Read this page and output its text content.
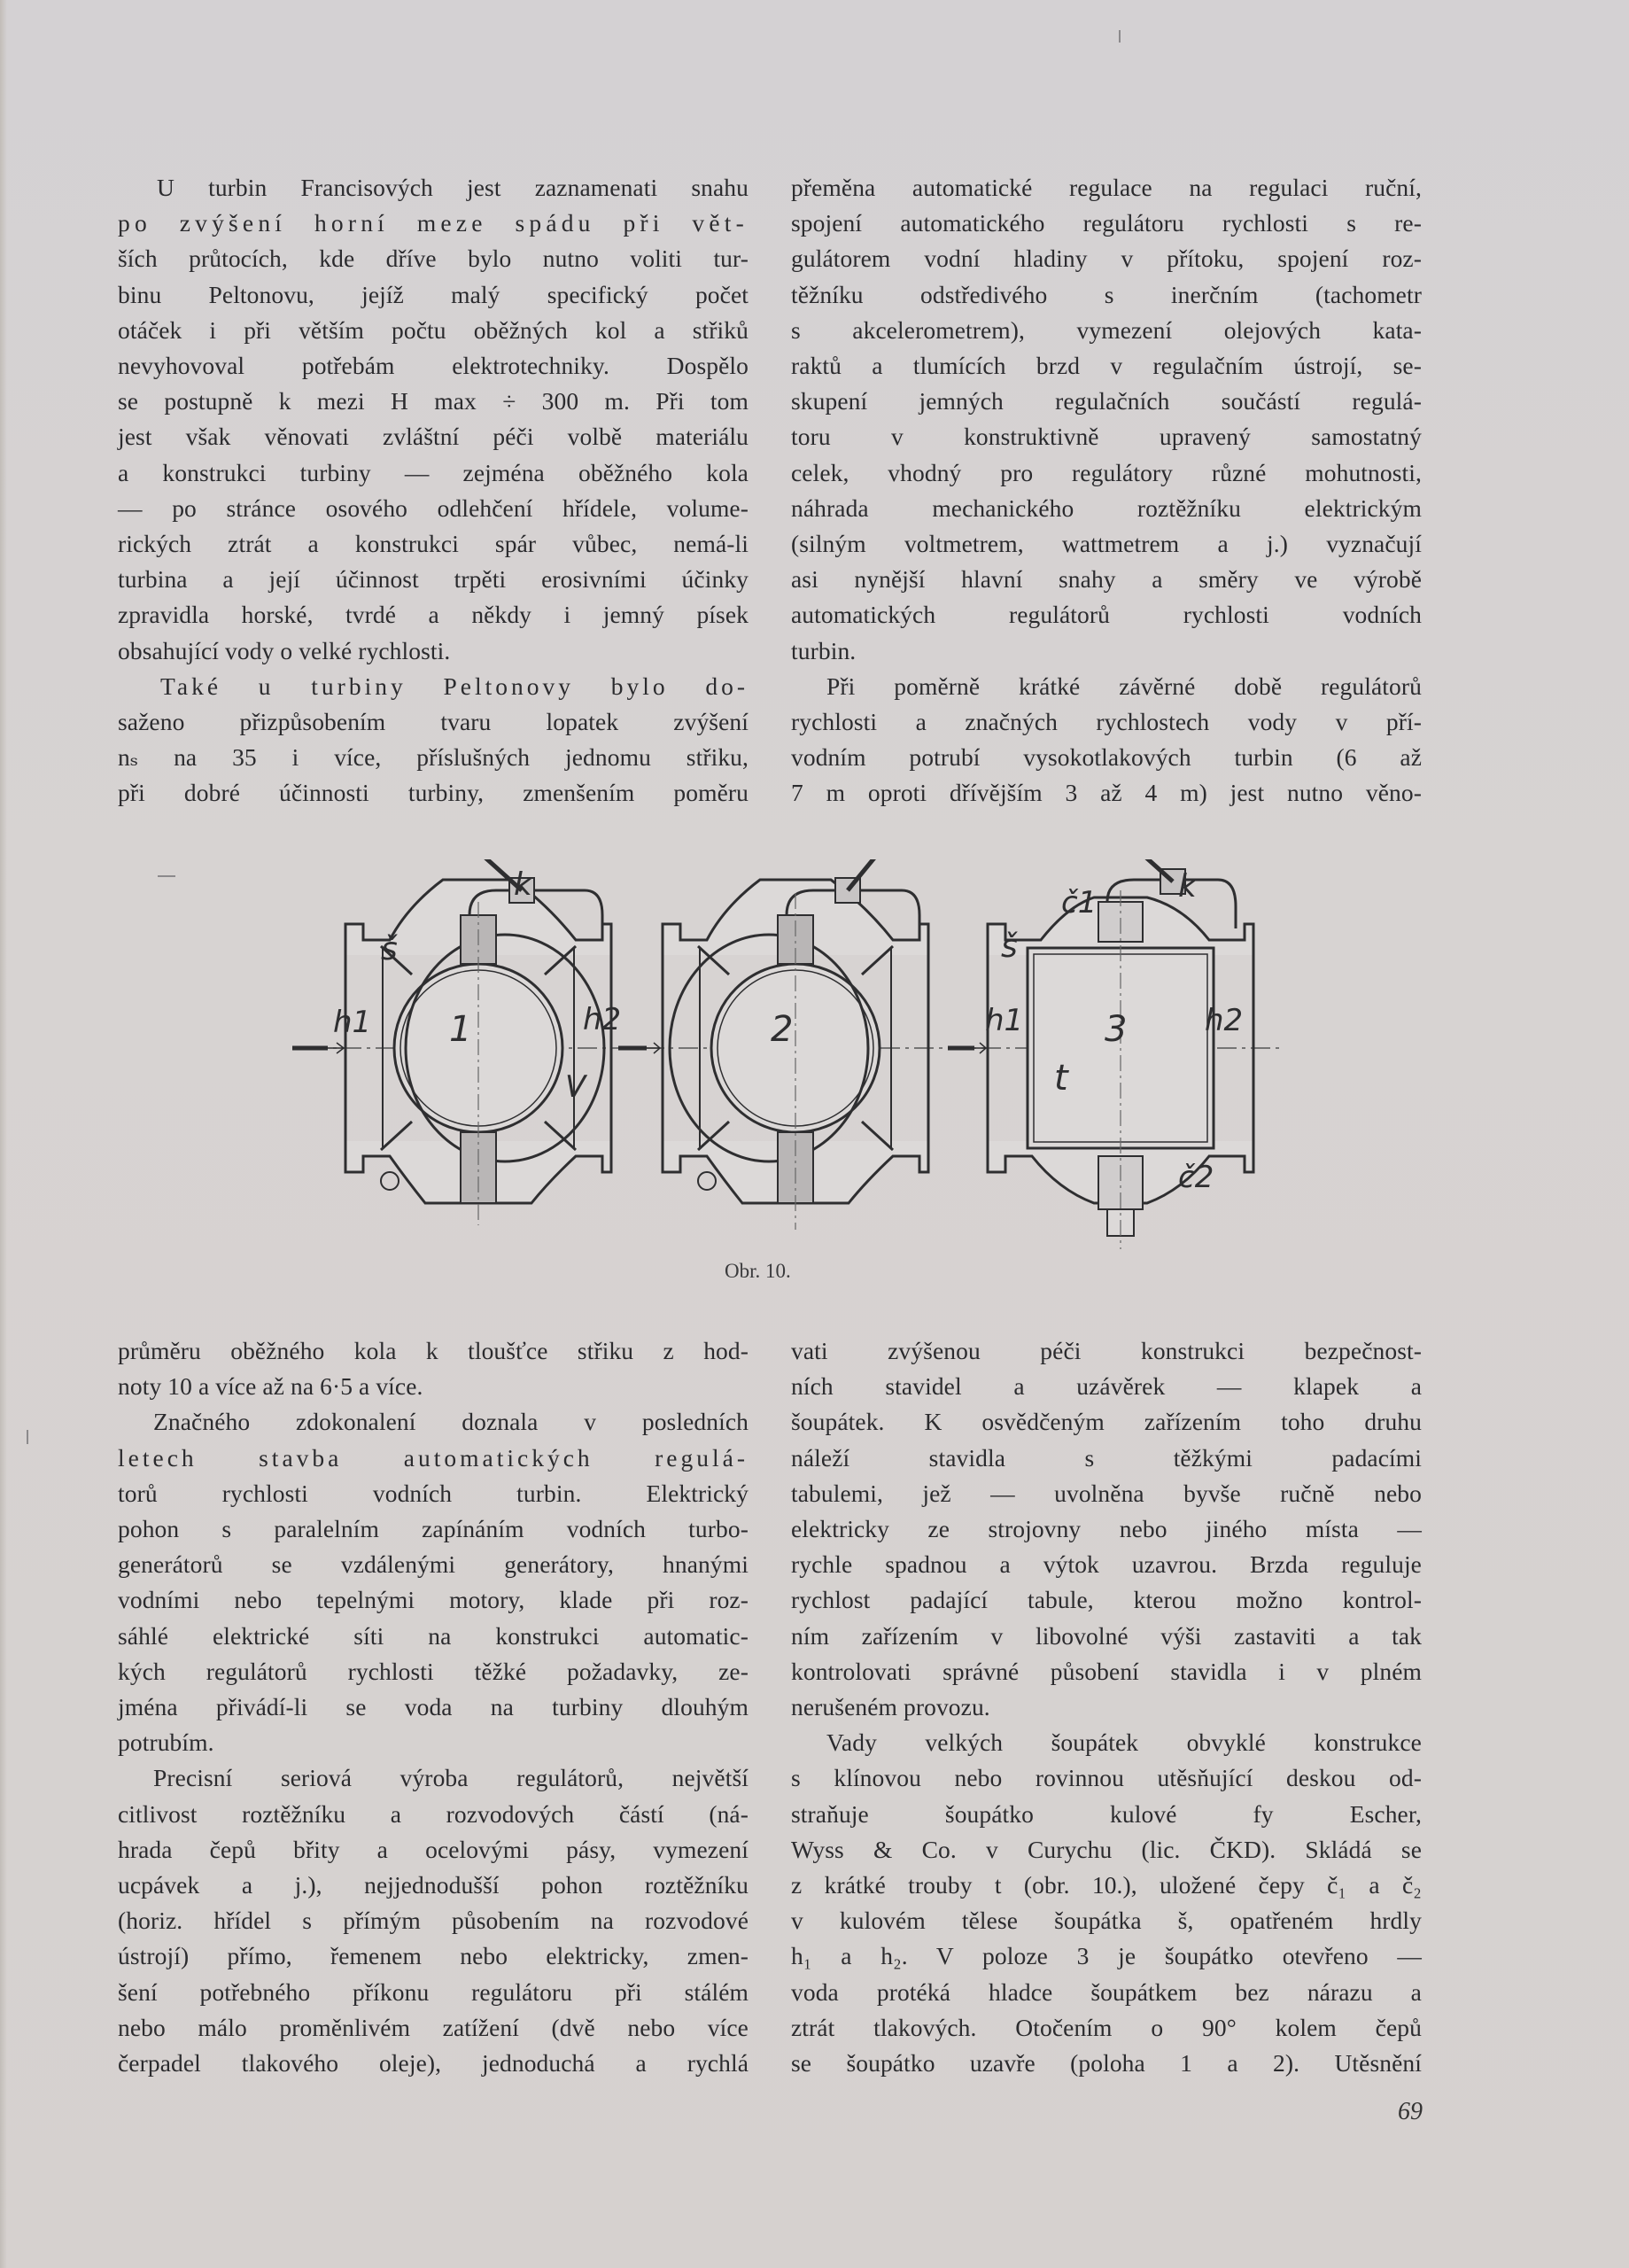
U turbin Francisových jest zaznamenati snahu
po zvýšení horní meze spádu při vět-
ších průtocích, kde dříve bylo nutno voliti tur-
binu Peltonovu, jejíž malý specifický počet
otáček i při větším počtu oběžných kol a střiků
nevyhovoval potřebám elektrotechniky. Dospělo
se postupně k mezi H max ÷ 300 m. Při tom
jest však věnovati zvláštní péči volbě materiálu
a konstrukci turbiny — zejména oběžného kola
— po stránce osového odlehčení hřídele, volume-
rických ztrát a konstrukci spár vůbec, nemá-li
turbina a její účinnost trpěti erosivními účinky
zpravidla horské, tvrdé a někdy i jemný písek
obsahující vody o velké rychlosti.
Také u turbiny Peltonovy bylo do-
saženo přizpůsobením tvaru lopatek zvýšení
nₛ na 35 i více, příslušných jednomu střiku,
při dobré účinnosti turbiny, zmenšením poměru
přeměna automatické regulace na regulaci ruční,
spojení automatického regulátoru rychlosti s re-
gulátorem vodní hladiny v přítoku, spojení roz-
těžníku odstředivého s inerčním (tachometr
s akcelerometrem), vymezení olejových kata-
raktů a tlumících brzd v regulačním ústrojí, se-
skupení jemných regulačních součástí regulá-
toru v konstruktivně upravený samostatný
celek, vhodný pro regulátory různé mohutnosti,
náhrada mechanického roztěžníku elektrickým
(silným voltmetrem, wattmetrem a j.) vyznačují
asi nynější hlavní snahy a směry ve výrobě
automatických regulátorů rychlosti vodních
turbin.
Při poměrně krátké závěrné době regulátorů
rychlosti a značných rychlostech vody v pří-
vodním potrubí vysokotlakových turbin (6 až
7 m oproti dřívějším 3 až 4 m) jest nutno věno-
š
k
h1	h2
V
1	2
š
č1	k
h1	h2
3
t
č2
Obr. 10.
průměru oběžného kola k tloušťce střiku z hod-
noty 10 a více až na 6·5 a více.
Značného zdokonalení doznala v posledních
letech stavba automatických regulá-
torů rychlosti vodních turbin. Elektrický
pohon s paralelním zapínáním vodních turbo-
generátorů se vzdálenými generátory, hnanými
vodními nebo tepelnými motory, klade při roz-
sáhlé elektrické síti na konstrukci automatic-
kých regulátorů rychlosti těžké požadavky, ze-
jména přivádí-li se voda na turbiny dlouhým
potrubím.
Precisní seriová výroba regulátorů, největší
citlivost roztěžníku a rozvodových částí (ná-
hrada čepů břity a ocelovými pásy, vymezení
ucpávek a j.), nejjednodušší pohon roztěžníku
(horiz. hřídel s přímým působením na rozvodové
ústrojí) přímo, řemenem nebo elektricky, zmen-
šení potřebného příkonu regulátoru při stálém
nebo málo proměnlivém zatížení (dvě nebo více
čerpadel tlakového oleje), jednoduchá a rychlá
vati zvýšenou péči konstrukci bezpečnost-
ních stavidel a uzávěrek — klapek a
šoupátek. K osvědčeným zařízením toho druhu
náleží stavidla s těžkými padacími
tabulemi, jež — uvolněna byvše ručně nebo
elektricky ze strojovny nebo jiného místa —
rychle spadnou a výtok uzavrou. Brzda reguluje
rychlost padající tabule, kterou možno kontrol-
ním zařízením v libovolné výši zastaviti a tak
kontrolovati správné působení stavidla i v plném
nerušeném provozu.
Vady velkých šoupátek obvyklé konstrukce
s klínovou nebo rovinnou utěsňující deskou od-
straňuje šoupátko kulové fy Escher,
Wyss & Co. v Curychu (lic. ČKD). Skládá se
z krátké trouby t (obr. 10.), uložené čepy č₁ a č₂
v kulovém tělese šoupátka š, opatřeném hrdly
h₁ a h₂. V poloze 3 je šoupátko otevřeno —
voda protéká hladce šoupátkem bez nárazu a
ztrát tlakových. Otočením o 90° kolem čepů
se šoupátko uzavře (poloha 1 a 2). Utěsnění
69
